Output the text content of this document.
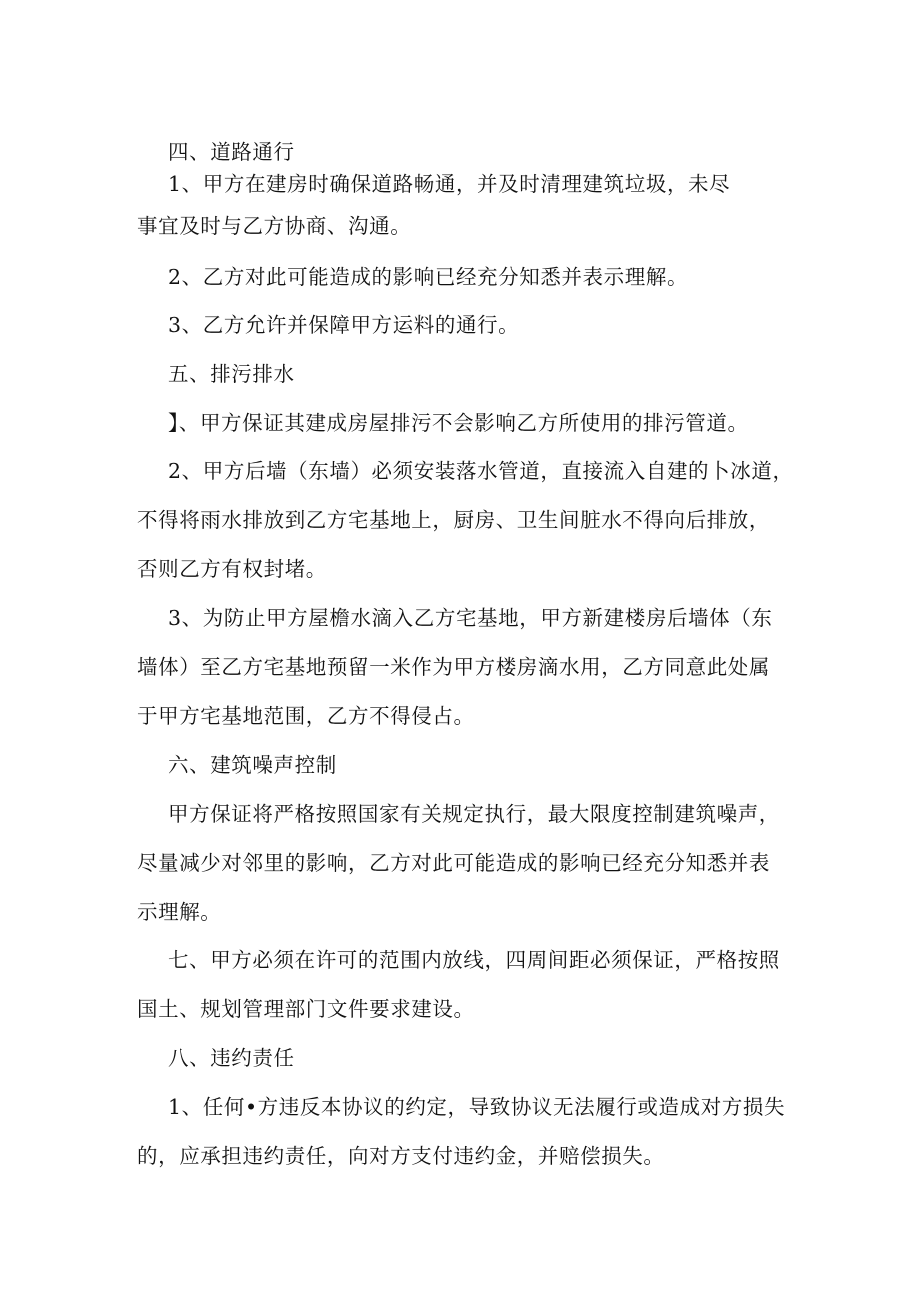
四、道路通行
1、甲方在建房时确保道路畅通，并及时清理建筑垃圾，未尽
事宜及时与乙方协商、沟通。
2、乙方对此可能造成的影响已经充分知悉并表示理解。
3、乙方允许并保障甲方运料的通行。
五、排污排水
】、甲方保证其建成房屋排污不会影响乙方所使用的排污管道。
2、甲方后墙（东墙）必须安装落水管道，直接流入自建的卜冰道，
不得将雨水排放到乙方宅基地上，厨房、卫生间脏水不得向后排放，
否则乙方有权封堵。
3、为防止甲方屋檐水滴入乙方宅基地，甲方新建楼房后墙体（东
墙体）至乙方宅基地预留一米作为甲方楼房滴水用，乙方同意此处属
于甲方宅基地范围，乙方不得侵占。
六、建筑噪声控制
甲方保证将严格按照国家有关规定执行，最大限度控制建筑噪声，
尽量减少对邻里的影响，乙方对此可能造成的影响已经充分知悉并表
示理解。
七、甲方必须在许可的范围内放线，四周间距必须保证，严格按照
国土、规划管理部门文件要求建设。
八、违约责任
1、任何•方违反本协议的约定，导致协议无法履行或造成对方损失
的，应承担违约责任，向对方支付违约金，并赔偿损失。
